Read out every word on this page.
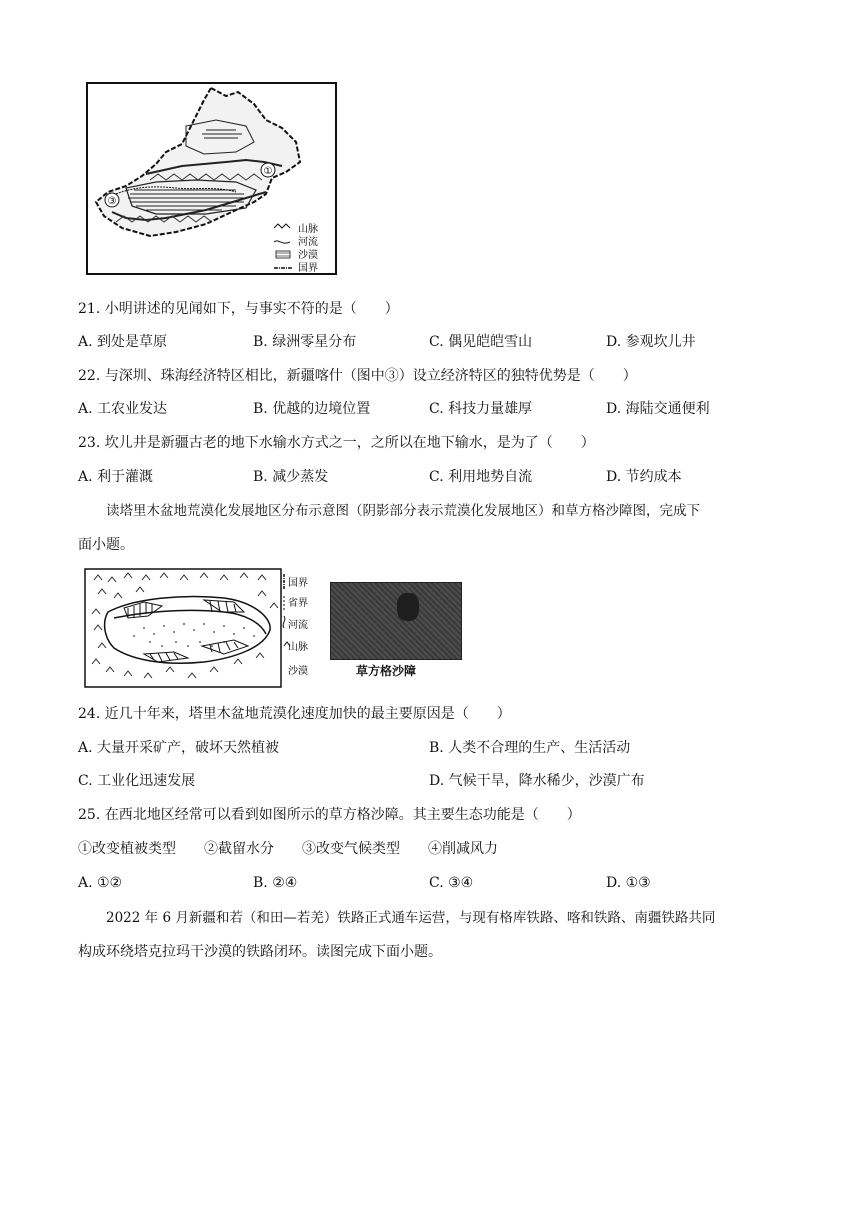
①
③
山脉
河流
沙漠
国界
21. 小明讲述的见闻如下，与事实不符的是（　　）
A. 到处是草原	B. 绿洲零星分布	C. 偶见皑皑雪山	D. 参观坎儿井
22. 与深圳、珠海经济特区相比，新疆喀什（图中③）设立经济特区的独特优势是（　　）
A. 工农业发达	B. 优越的边境位置	C. 科技力量雄厚	D. 海陆交通便利
23. 坎儿井是新疆古老的地下水输水方式之一，之所以在地下输水，是为了（　　）
A. 利于灌溉	B. 减少蒸发	C. 利用地势自流	D. 节约成本
读塔里木盆地荒漠化发展地区分布示意图（阴影部分表示荒漠化发展地区）和草方格沙障图，完成下
面小题。
国界
省界
河流
山脉
沙漠	草方格沙障
24. 近几十年来，塔里木盆地荒漠化速度加快的最主要原因是（　　）
A. 大量开采矿产，破坏天然植被	B. 人类不合理的生产、生活活动
C. 工业化迅速发展	D. 气候干旱，降水稀少，沙漠广布
25. 在西北地区经常可以看到如图所示的草方格沙障。其主要生态功能是（　　）
①改变植被类型　　②截留水分　　③改变气候类型　　④削减风力
A. ①②	B. ②④	C. ③④	D. ①③
2022 年 6 月新疆和若（和田—若羌）铁路正式通车运营，与现有格库铁路、喀和铁路、南疆铁路共同
构成环绕塔克拉玛干沙漠的铁路闭环。读图完成下面小题。
